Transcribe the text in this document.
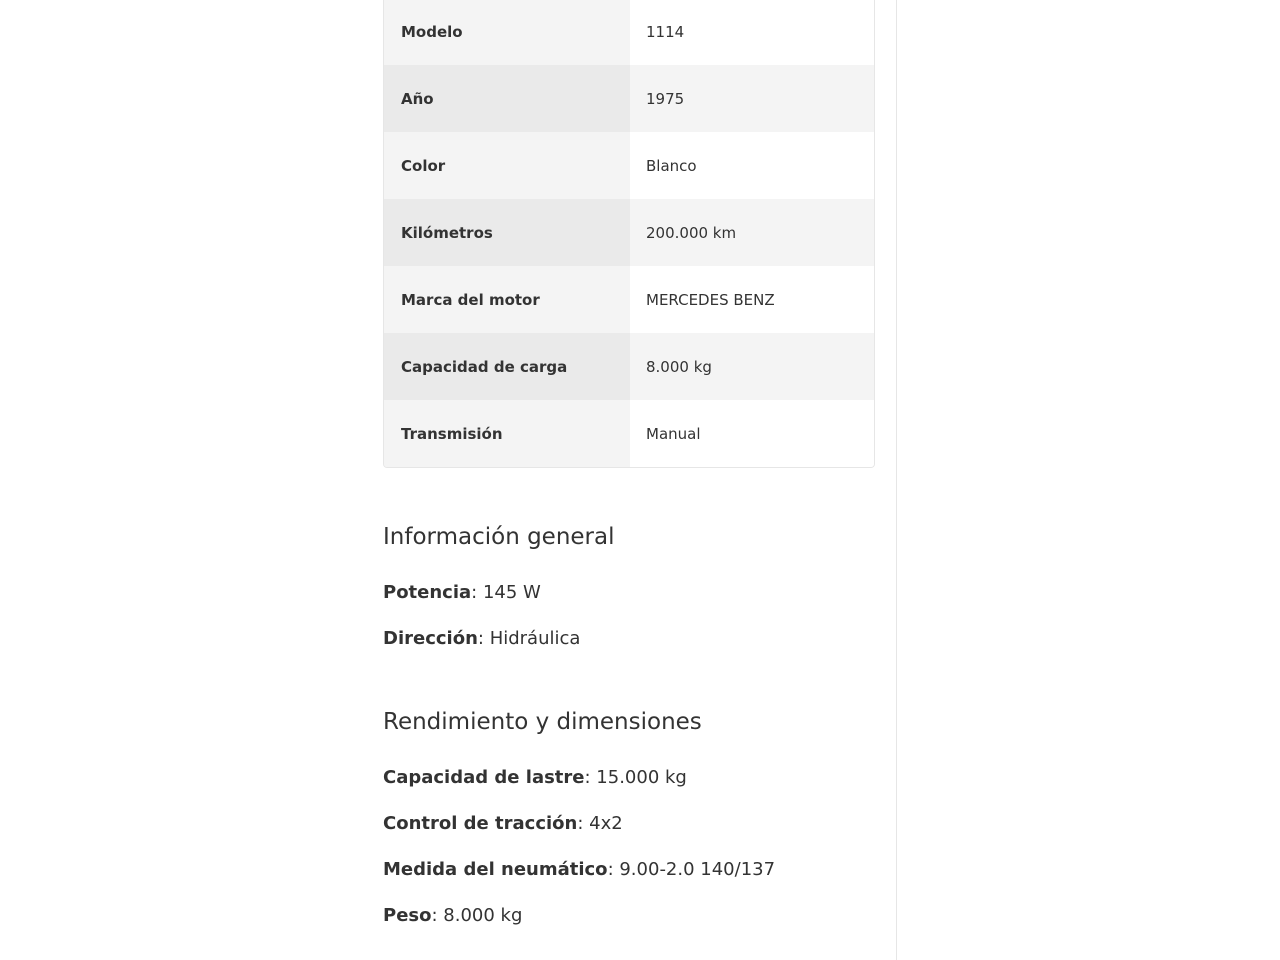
Modelo	1114
Año	1975
Color	Blanco
Kilómetros	200.000 km
Marca del motor	MERCEDES BENZ
Capacidad de carga	8.000 kg
Transmisión	Manual
Información general
Potencia: 145 W
Dirección: Hidráulica
Rendimiento y dimensiones
Capacidad de lastre: 15.000 kg
Control de tracción: 4x2
Medida del neumático: 9.00-2.0 140/137
Peso: 8.000 kg
